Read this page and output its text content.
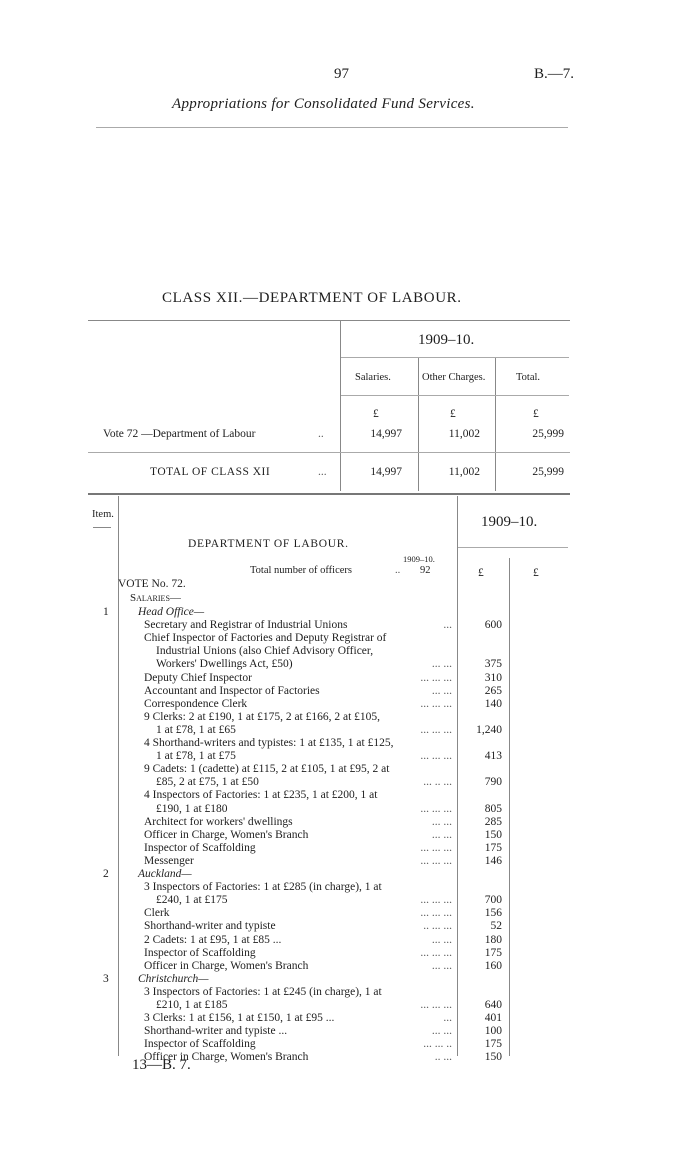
97	B.—7.
Appropriations for Consolidated Fund Services.
CLASS XII.—DEPARTMENT OF LABOUR.
1909–10.
Salaries.	Other Charges.	Total.
£	£	£
Vote 72 —Department of Labour	..	14,997	11,002	25,999
TOTAL OF CLASS XII	...	14,997	11,002	25,999
Item.	1909–10.
DEPARTMENT OF LABOUR.
1909–10.
Total number of officers	.. 92	£	£
VOTE No. 72.
Salaries—
1	Head Office—
Secretary and Registrar of Industrial Unions	...	600
Chief Inspector of Factories and Deputy Registrar of
Industrial Unions (also Chief Advisory Officer,
Workers' Dwellings Act, £50)	... ...	375
Deputy Chief Inspector	... ... ...	310
Accountant and Inspector of Factories	... ...	265
Correspondence Clerk	... ... ...	140
9 Clerks: 2 at £190, 1 at £175, 2 at £166, 2 at £105,
1 at £78, 1 at £65	... ... ...	1,240
4 Shorthand-writers and typistes: 1 at £135, 1 at £125,
1 at £78, 1 at £75	... ... ...	413
9 Cadets: 1 (cadette) at £115, 2 at £105, 1 at £95, 2 at
£85, 2 at £75, 1 at £50	... .. ...	790
4 Inspectors of Factories: 1 at £235, 1 at £200, 1 at
£190, 1 at £180	... ... ...	805
Architect for workers' dwellings	... ...	285
Officer in Charge, Women's Branch	... ...	150
Inspector of Scaffolding	... ... ...	175
Messenger	... ... ...	146
2	Auckland—
3 Inspectors of Factories: 1 at £285 (in charge), 1 at
£240, 1 at £175	... ... ...	700
Clerk	... ... ...	156
Shorthand-writer and typiste	.. ... ...	52
2 Cadets: 1 at £95, 1 at £85 ...	... ...	180
Inspector of Scaffolding	... ... ...	175
Officer in Charge, Women's Branch	... ...	160
3	Christchurch—
3 Inspectors of Factories: 1 at £245 (in charge), 1 at
£210, 1 at £185	... ... ...	640
3 Clerks: 1 at £156, 1 at £150, 1 at £95 ...	...	401
Shorthand-writer and typiste ...	... ...	100
Inspector of Scaffolding	... ... ..	175
Officer in Charge, Women's Branch	.. ...	150
13—B. 7.
